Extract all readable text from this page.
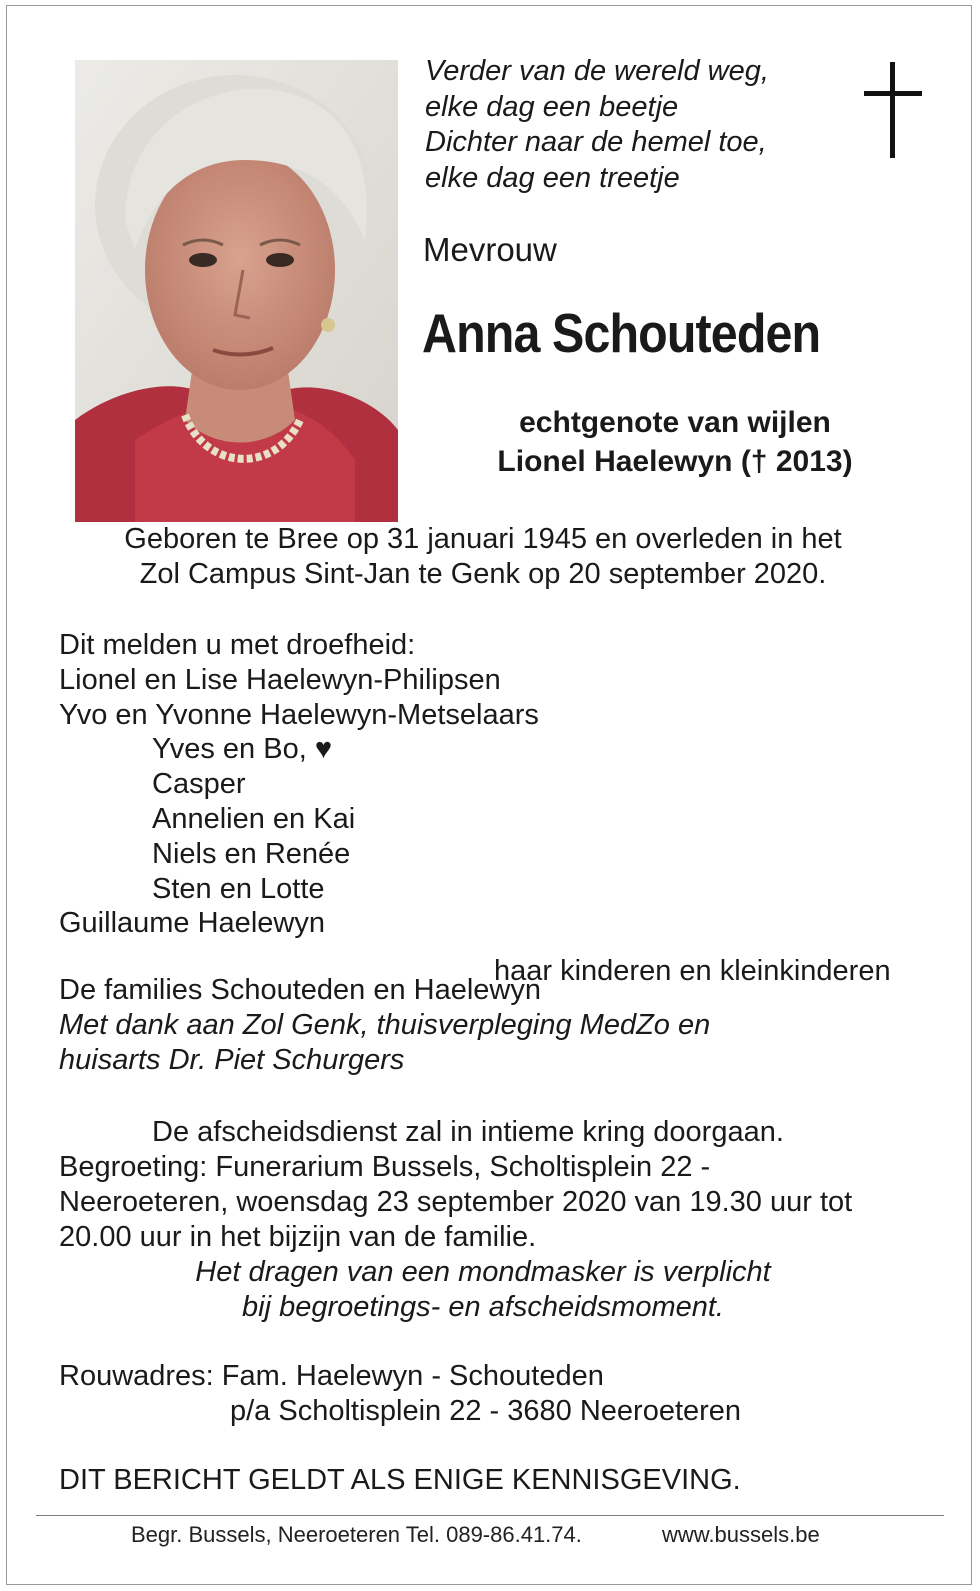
Verder van de wereld weg,
elke dag een beetje
Dichter naar de hemel toe,
elke dag een treetje
Mevrouw
Anna Schouteden
echtgenote van wijlen
Lionel Haelewyn († 2013)
Geboren te Bree op 31 januari 1945 en overleden in het
Zol Campus Sint-Jan te Genk op 20 september 2020.
Dit melden u met droefheid:
Lionel en Lise Haelewyn-Philipsen
Yvo en Yvonne Haelewyn-Metselaars
Yves en Bo, ♥
Casper
Annelien en Kai
Niels en Renée
Sten en Lotte
Guillaume Haelewyn
haar kinderen en kleinkinderen
De families Schouteden en Haelewyn
Met dank aan Zol Genk, thuisverpleging MedZo en
huisarts Dr. Piet Schurgers
De afscheidsdienst zal in intieme kring doorgaan.
Begroeting: Funerarium Bussels, Scholtisplein 22 -
Neeroeteren, woensdag 23 september 2020 van 19.30 uur tot
20.00 uur in het bijzijn van de familie.
Het dragen van een mondmasker is verplicht
bij begroetings- en afscheidsmoment.
Rouwadres: Fam. Haelewyn - Schouteden
p/a Scholtisplein 22 - 3680 Neeroeteren
DIT BERICHT GELDT ALS ENIGE KENNISGEVING.
Begr. Bussels, Neeroeteren Tel. 089-86.41.74.	www.bussels.be
